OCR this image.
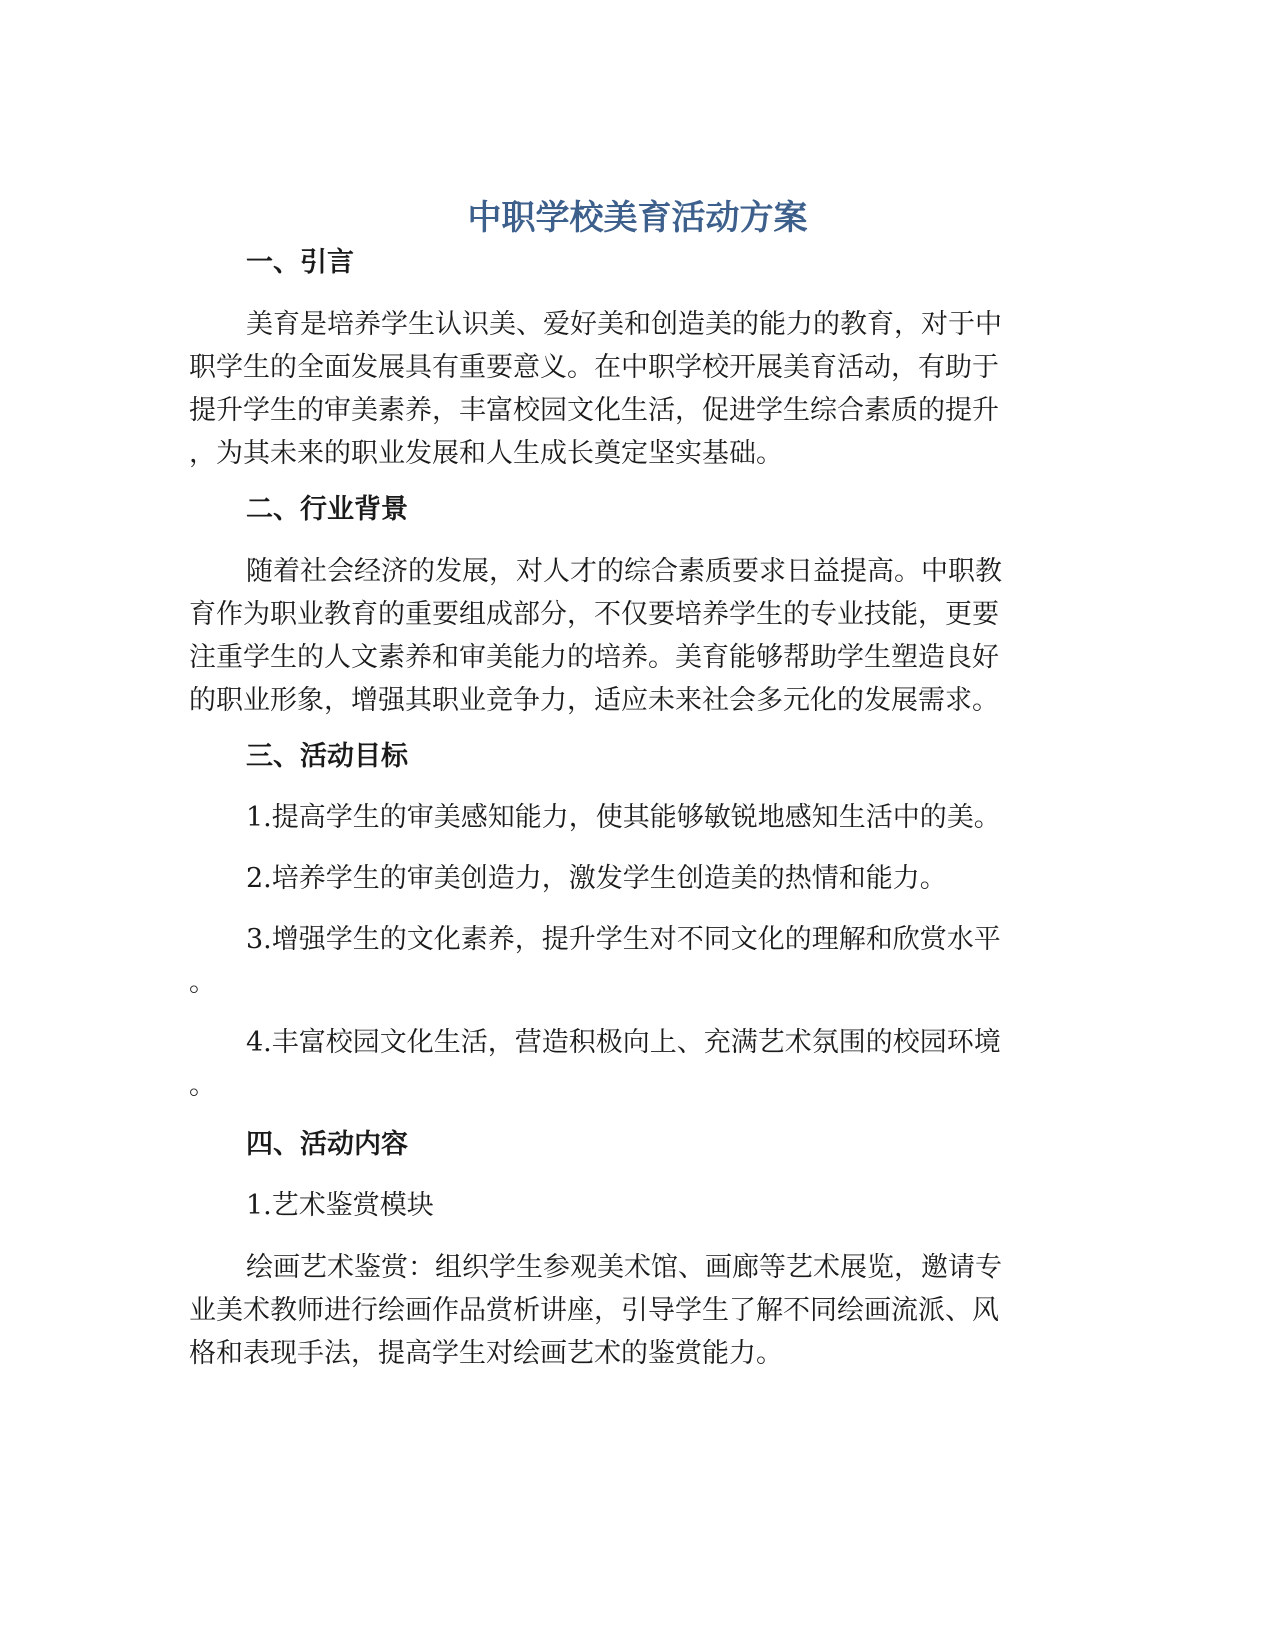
中职学校美育活动方案
一、引言
美育是培养学生认识美、爱好美和创造美的能力的教育，对于中
职学生的全面发展具有重要意义。在中职学校开展美育活动，有助于
提升学生的审美素养，丰富校园文化生活，促进学生综合素质的提升
，为其未来的职业发展和人生成长奠定坚实基础。
二、行业背景
随着社会经济的发展，对人才的综合素质要求日益提高。中职教
育作为职业教育的重要组成部分，不仅要培养学生的专业技能，更要
注重学生的人文素养和审美能力的培养。美育能够帮助学生塑造良好
的职业形象，增强其职业竞争力，适应未来社会多元化的发展需求。
三、活动目标
1.提高学生的审美感知能力，使其能够敏锐地感知生活中的美。
2.培养学生的审美创造力，激发学生创造美的热情和能力。
3.增强学生的文化素养，提升学生对不同文化的理解和欣赏水平
。
4.丰富校园文化生活，营造积极向上、充满艺术氛围的校园环境
。
四、活动内容
1.艺术鉴赏模块
绘画艺术鉴赏：组织学生参观美术馆、画廊等艺术展览，邀请专
业美术教师进行绘画作品赏析讲座，引导学生了解不同绘画流派、风
格和表现手法，提高学生对绘画艺术的鉴赏能力。
